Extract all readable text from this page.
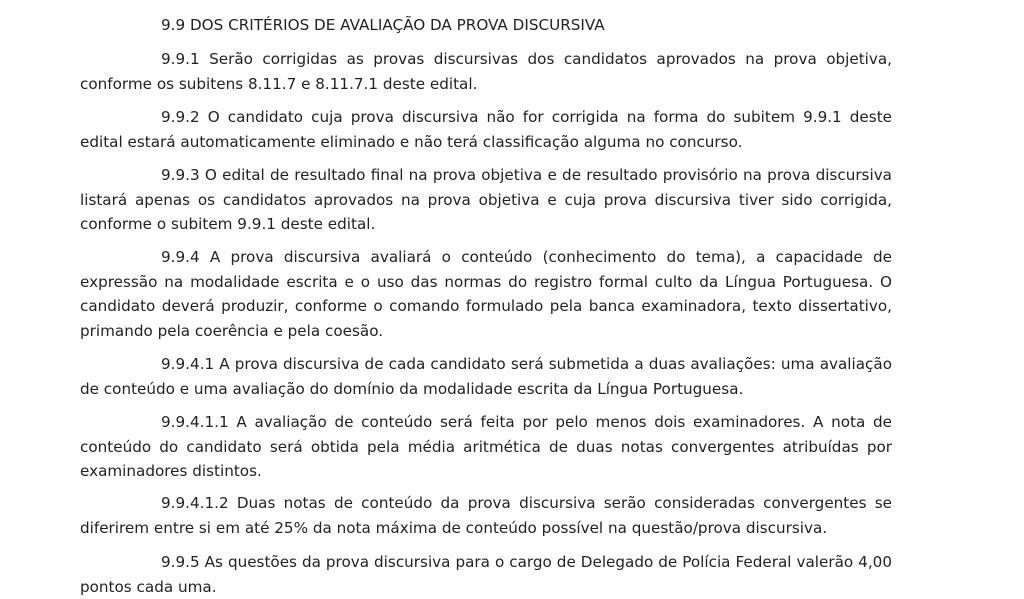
9.9 DOS CRITÉRIOS DE AVALIAÇÃO DA PROVA DISCURSIVA

9.9.1 Serão corrigidas as provas discursivas dos candidatos aprovados na prova objetiva, conforme os subitens 8.11.7 e 8.11.7.1 deste edital.

9.9.2 O candidato cuja prova discursiva não for corrigida na forma do subitem 9.9.1 deste edital estará automaticamente eliminado e não terá classificação alguma no concurso.

9.9.3 O edital de resultado final na prova objetiva e de resultado provisório na prova discursiva listará apenas os candidatos aprovados na prova objetiva e cuja prova discursiva tiver sido corrigida, conforme o subitem 9.9.1 deste edital.

9.9.4 A prova discursiva avaliará o conteúdo (conhecimento do tema), a capacidade de expressão na modalidade escrita e o uso das normas do registro formal culto da Língua Portuguesa. O candidato deverá produzir, conforme o comando formulado pela banca examinadora, texto dissertativo, primando pela coerência e pela coesão.

9.9.4.1 A prova discursiva de cada candidato será submetida a duas avaliações: uma avaliação de conteúdo e uma avaliação do domínio da modalidade escrita da Língua Portuguesa.

9.9.4.1.1 A avaliação de conteúdo será feita por pelo menos dois examinadores. A nota de conteúdo do candidato será obtida pela média aritmética de duas notas convergentes atribuídas por examinadores distintos.

9.9.4.1.2 Duas notas de conteúdo da prova discursiva serão consideradas convergentes se diferirem entre si em até 25% da nota máxima de conteúdo possível na questão/prova discursiva.

9.9.5 As questões da prova discursiva para o cargo de Delegado de Polícia Federal valerão 4,00 pontos cada uma.
